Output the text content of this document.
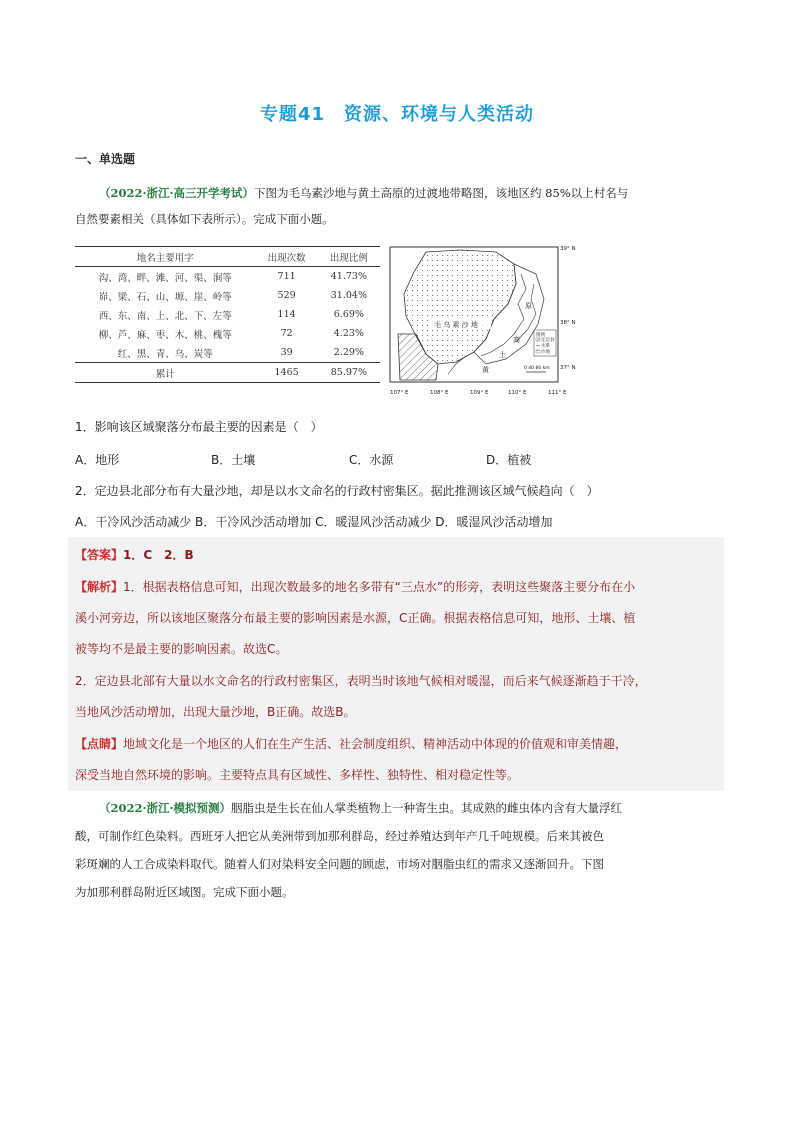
专题41　资源、环境与人类活动
一、单选题
（2022·浙江·高三开学考试）下图为毛乌素沙地与黄土高原的过渡地带略图，该地区约 85%以上村名与
自然要素相关（具体如下表所示）。完成下面小题。
地名主要用字	出现次数	出现比例
沟、湾、畔、滩、河、渠、涧等	711	41.73%
峁、梁、石、山、塬、崖、岭等	529	31.04%
西、东、南、上、北、下、左等	114	6.69%
柳、芦、麻、枣、木、桃、槐等	72	4.23%
红、黑、青、乌、炭等	39	2.29%
累计	1465	85.97%
毛 乌 素 沙 地
原
高
土
黄
图例
定边县
水系
沙地
0 40 80 km
39° N
38° N
37° N
107° E	108° E	109° E	110° E	111° E
1．影响该区域聚落分布最主要的因素是（　）
A．地形	B．土壤	C．水源	D．植被
2．定边县北部分布有大量沙地，却是以水文命名的行政村密集区。据此推测该区域气候趋向（　）
A．干冷风沙活动减少 B．干冷风沙活动增加 C．暖湿风沙活动减少 D．暖湿风沙活动增加
【答案】1．C　2．B
【解析】1．根据表格信息可知，出现次数最多的地名多带有“三点水”的形旁，表明这些聚落主要分布在小
溪小河旁边，所以该地区聚落分布最主要的影响因素是水源，C正确。根据表格信息可知，地形、土壤、植
被等均不是最主要的影响因素。故选C。
2．定边县北部有大量以水文命名的行政村密集区，表明当时该地气候相对暖湿，而后来气候逐渐趋于干冷，
当地风沙活动增加，出现大量沙地，B正确。故选B。
【点睛】地域文化是一个地区的人们在生产生活、社会制度组织、精神活动中体现的价值观和审美情趣，
深受当地自然环境的影响。主要特点具有区域性、多样性、独特性、相对稳定性等。
（2022·浙江·模拟预测）胭脂虫是生长在仙人掌类植物上一种寄生虫。其成熟的雌虫体内含有大量浮红
酸，可制作红色染料。西班牙人把它从美洲带到加那利群岛，经过养殖达到年产几千吨规模。后来其被色
彩斑斓的人工合成染料取代。随着人们对染料安全问题的顾虑，市场对胭脂虫红的需求又逐渐回升。下图
为加那利群岛附近区域图。完成下面小题。
